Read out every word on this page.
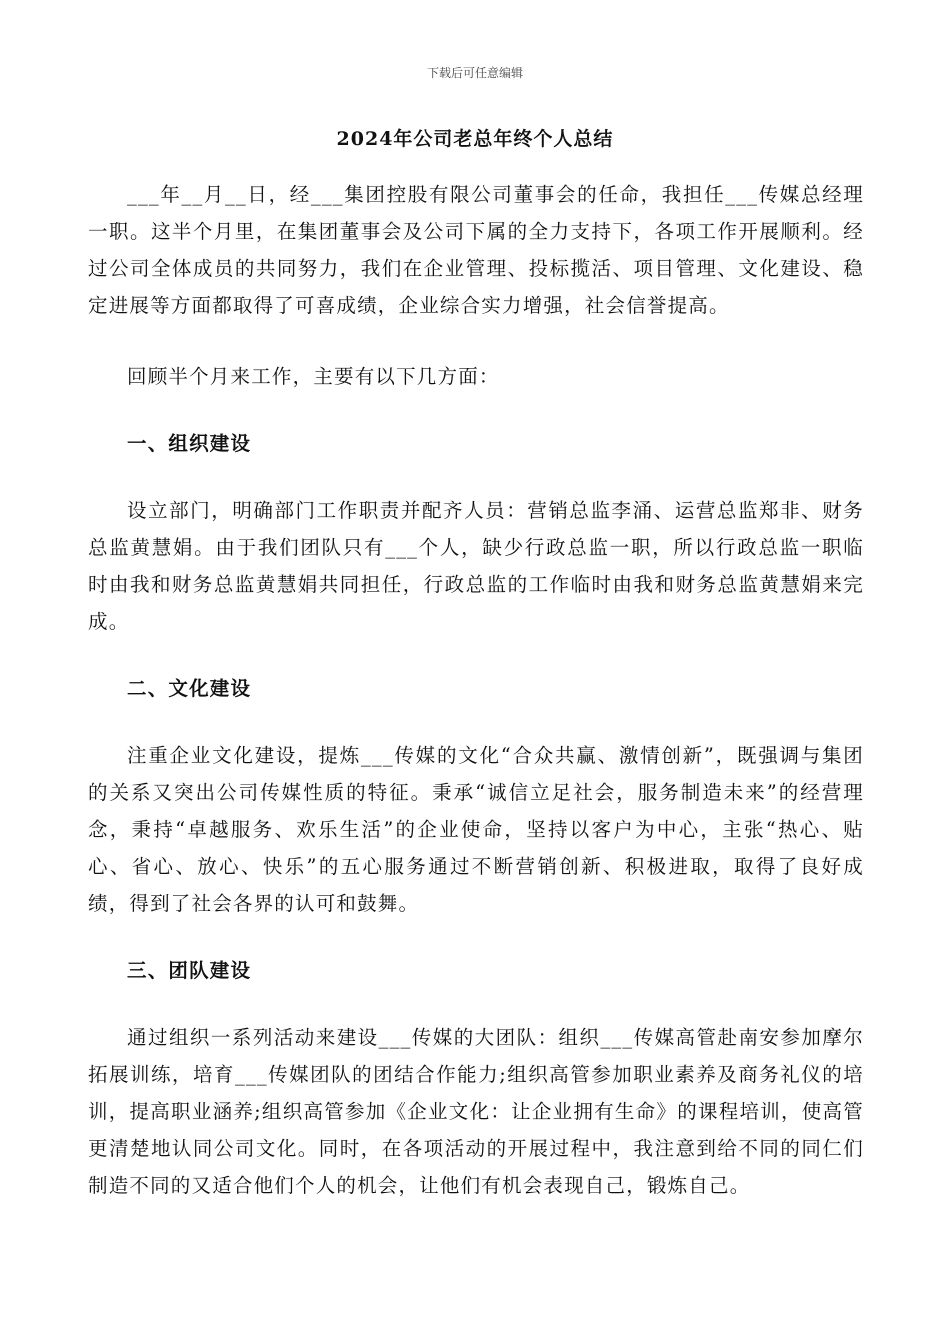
下载后可任意编辑
2024年公司老总年终个人总结

___年__月__日，经___集团控股有限公司董事会的任命，我担任___传媒总经理一职。这半个月里，在集团董事会及公司下属的全力支持下，各项工作开展顺利。经过公司全体成员的共同努力，我们在企业管理、投标揽活、项目管理、文化建设、稳定进展等方面都取得了可喜成绩，企业综合实力增强，社会信誉提高。

回顾半个月来工作，主要有以下几方面：

一、组织建设

设立部门，明确部门工作职责并配齐人员：营销总监李涌、运营总监郑非、财务总监黄慧娟。由于我们团队只有___个人，缺少行政总监一职，所以行政总监一职临时由我和财务总监黄慧娟共同担任，行政总监的工作临时由我和财务总监黄慧娟来完成。

二、文化建设

注重企业文化建设，提炼___传媒的文化“合众共赢、激情创新”，既强调与集团的关系又突出公司传媒性质的特征。秉承“诚信立足社会，服务制造未来”的经营理念，秉持“卓越服务、欢乐生活”的企业使命，坚持以客户为中心，主张“热心、贴心、省心、放心、快乐”的五心服务通过不断营销创新、积极进取，取得了良好成绩，得到了社会各界的认可和鼓舞。

三、团队建设

通过组织一系列活动来建设___传媒的大团队：组织___传媒高管赴南安参加摩尔拓展训练，培育___传媒团队的团结合作能力;组织高管参加职业素养及商务礼仪的培训，提高职业涵养;组织高管参加《企业文化：让企业拥有生命》的课程培训，使高管更清楚地认同公司文化。同时，在各项活动的开展过程中，我注意到给不同的同仁们制造不同的又适合他们个人的机会，让他们有机会表现自己，锻炼自己。
